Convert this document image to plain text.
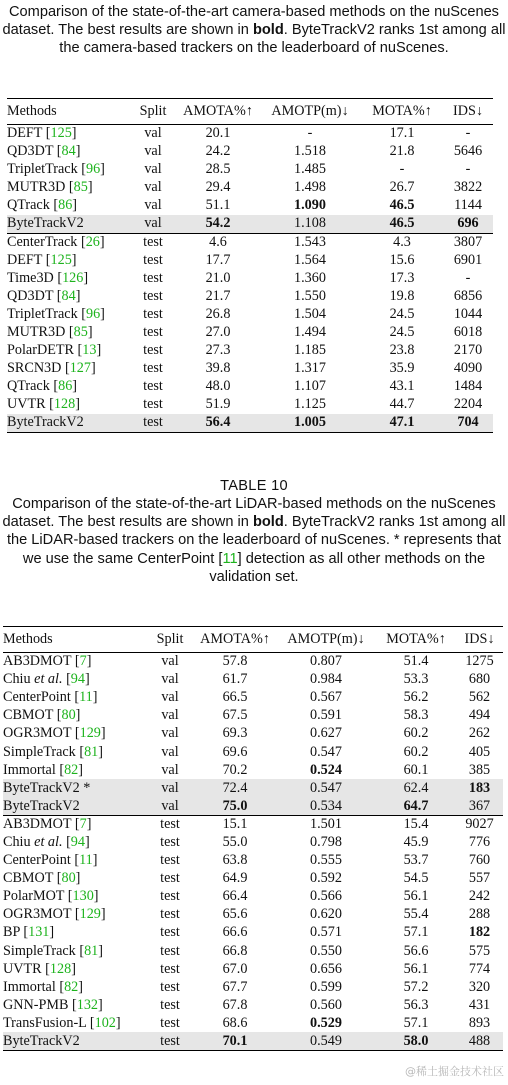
Comparison of the state-of-the-art camera-based methods on the nuScenes dataset. The best results are shown in bold. ByteTrackV2 ranks 1st among all the camera-based trackers on the leaderboard of nuScenes.
Methods	Split	AMOTA%↑	AMOTP(m)↓	MOTA%↑	IDS↓
DEFT [125]	val	20.1	-	17.1	-
QD3DT [84]	val	24.2	1.518	21.8	5646
TripletTrack [96]	val	28.5	1.485	-	-
MUTR3D [85]	val	29.4	1.498	26.7	3822
QTrack [86]	val	51.1	1.090	46.5	1144
ByteTrackV2	val	54.2	1.108	46.5	696
CenterTrack [26]	test	4.6	1.543	4.3	3807
DEFT [125]	test	17.7	1.564	15.6	6901
Time3D [126]	test	21.0	1.360	17.3	-
QD3DT [84]	test	21.7	1.550	19.8	6856
TripletTrack [96]	test	26.8	1.504	24.5	1044
MUTR3D [85]	test	27.0	1.494	24.5	6018
PolarDETR [13]	test	27.3	1.185	23.8	2170
SRCN3D [127]	test	39.8	1.317	35.9	4090
QTrack [86]	test	48.0	1.107	43.1	1484
UVTR [128]	test	51.9	1.125	44.7	2204
ByteTrackV2	test	56.4	1.005	47.1	704
TABLE 10
Comparison of the state-of-the-art LiDAR-based methods on the nuScenes dataset. The best results are shown in bold. ByteTrackV2 ranks 1st among all the LiDAR-based trackers on the leaderboard of nuScenes. * represents that we use the same CenterPoint [11] detection as all other methods on the validation set.
Methods	Split	AMOTA%↑	AMOTP(m)↓	MOTA%↑	IDS↓
AB3DMOT [7]	val	57.8	0.807	51.4	1275
Chiu et al. [94]	val	61.7	0.984	53.3	680
CenterPoint [11]	val	66.5	0.567	56.2	562
CBMOT [80]	val	67.5	0.591	58.3	494
OGR3MOT [129]	val	69.3	0.627	60.2	262
SimpleTrack [81]	val	69.6	0.547	60.2	405
Immortal [82]	val	70.2	0.524	60.1	385
ByteTrackV2 *	val	72.4	0.547	62.4	183
ByteTrackV2	val	75.0	0.534	64.7	367
AB3DMOT [7]	test	15.1	1.501	15.4	9027
Chiu et al. [94]	test	55.0	0.798	45.9	776
CenterPoint [11]	test	63.8	0.555	53.7	760
CBMOT [80]	test	64.9	0.592	54.5	557
PolarMOT [130]	test	66.4	0.566	56.1	242
OGR3MOT [129]	test	65.6	0.620	55.4	288
BP [131]	test	66.6	0.571	57.1	182
SimpleTrack [81]	test	66.8	0.550	56.6	575
UVTR [128]	test	67.0	0.656	56.1	774
Immortal [82]	test	67.7	0.599	57.2	320
GNN-PMB [132]	test	67.8	0.560	56.3	431
TransFusion-L [102]	test	68.6	0.529	57.1	893
ByteTrackV2	test	70.1	0.549	58.0	488
@稀土掘金技术社区
